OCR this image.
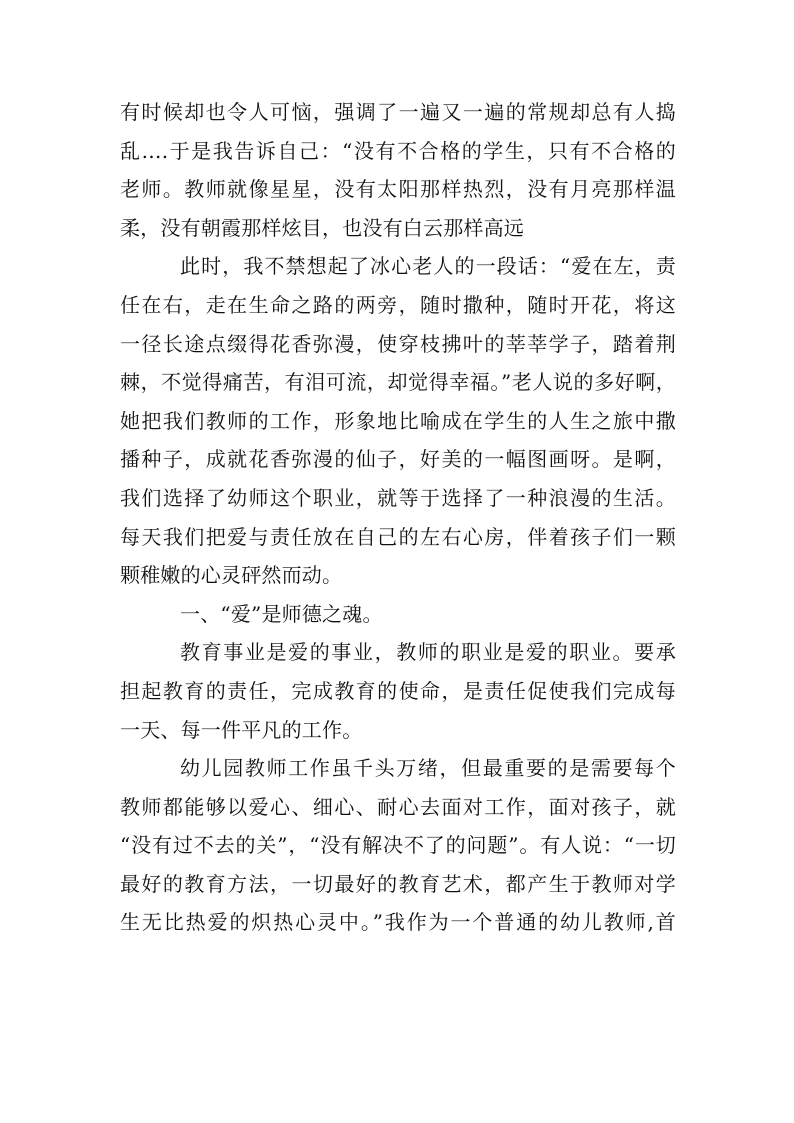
有时候却也令人可恼，强调了一遍又一遍的常规却总有人捣
乱….于是我告诉自己：“没有不合格的学生，只有不合格的
老师。教师就像星星，没有太阳那样热烈，没有月亮那样温
柔，没有朝霞那样炫目，也没有白云那样高远
此时，我不禁想起了冰心老人的一段话：“爱在左，责
任在右，走在生命之路的两旁，随时撒种，随时开花，将这
一径长途点缀得花香弥漫，使穿枝拂叶的莘莘学子，踏着荆
棘，不觉得痛苦，有泪可流，却觉得幸福。”老人说的多好啊，
她把我们教师的工作，形象地比喻成在学生的人生之旅中撒
播种子，成就花香弥漫的仙子，好美的一幅图画呀。是啊，
我们选择了幼师这个职业，就等于选择了一种浪漫的生活。
每天我们把爱与责任放在自己的左右心房，伴着孩子们一颗
颗稚嫩的心灵砰然而动。
一、“爱”是师德之魂。
教育事业是爱的事业，教师的职业是爱的职业。要承
担起教育的责任，完成教育的使命，是责任促使我们完成每
一天、每一件平凡的工作。
幼儿园教师工作虽千头万绪，但最重要的是需要每个
教师都能够以爱心、细心、耐心去面对工作，面对孩子，就
“没有过不去的关”，“没有解决不了的问题”。有人说：“一切
最好的教育方法，一切最好的教育艺术，都产生于教师对学
生无比热爱的炽热心灵中。”我作为一个普通的幼儿教师,首
